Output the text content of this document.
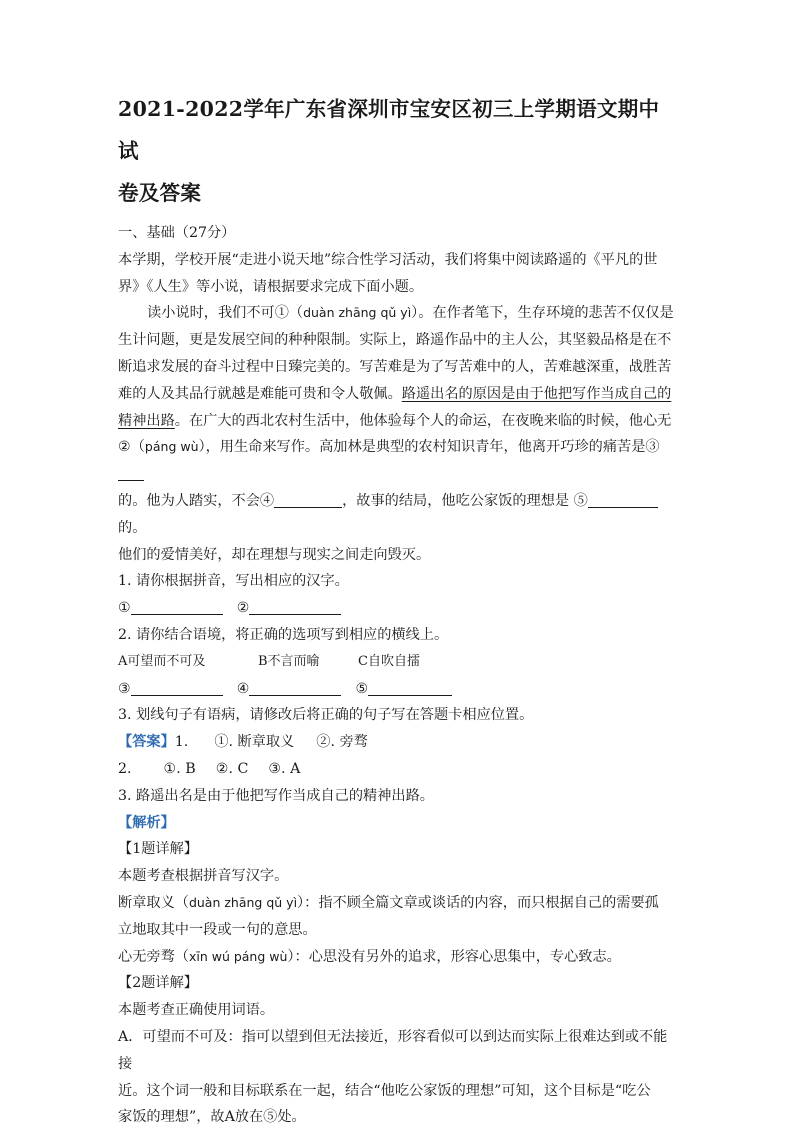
2021-2022学年广东省深圳市宝安区初三上学期语文期中试
卷及答案

一、基础（27分）

本学期，学校开展“走进小说天地”综合性学习活动，我们将集中阅读路遥的《平凡的世

界》《人生》等小说，请根据要求完成下面小题。

读小说时，我们不可①（duàn zhāng qǔ yì）。在作者笔下，生存环境的悲苦不仅仅是

生计问题，更是发展空间的种种限制。实际上，路遥作品中的主人公，其坚毅品格是在不

断追求发展的奋斗过程中日臻完美的。写苦难是为了写苦难中的人，苦难越深重，战胜苦

难的人及其品行就越是难能可贵和令人敬佩。路遥出名的原因是由于他把写作当成自己的

精神出路。在广大的西北农村生活中，他体验每个人的命运，在夜晚来临的时候，他心无

②（páng wù），用生命来写作。高加林是典型的农村知识青年，他离开巧珍的痛苦是③

的。他为人踏实，不会④	，故事的结局，他吃公家饭的理想是 ⑤的。

他们的爱情美好，却在理想与现实之间走向毁灭。

1. 请你根据拼音，写出相应的汉字。

①	②

2. 请你结合语境，将正确的选项写到相应的横线上。

A可望而不可及	B不言而喻	C自吹自擂

③	④	⑤

3. 划线句子有语病，请修改后将正确的句子写在答题卡相应位置。

【答案】1. ①. 断章取义 ②. 旁骛

2. ①. B ②. C ③. A

3. 路遥出名是由于他把写作当成自己的精神出路。

【解析】

【1题详解】

本题考查根据拼音写汉字。

断章取义（duàn zhāng qǔ yì）：指不顾全篇文章或谈话的内容，而只根据自己的需要孤

立地取其中一段或一句的意思。

心无旁骛（xīn wú páng wù）：心思没有另外的追求，形容心思集中，专心致志。

【2题详解】

本题考查正确使用词语。

A．可望而不可及：指可以望到但无法接近，形容看似可以到达而实际上很难达到或不能接

近。这个词一般和目标联系在一起，结合“他吃公家饭的理想”可知，这个目标是“吃公

家饭的理想”，故A放在⑤处。
